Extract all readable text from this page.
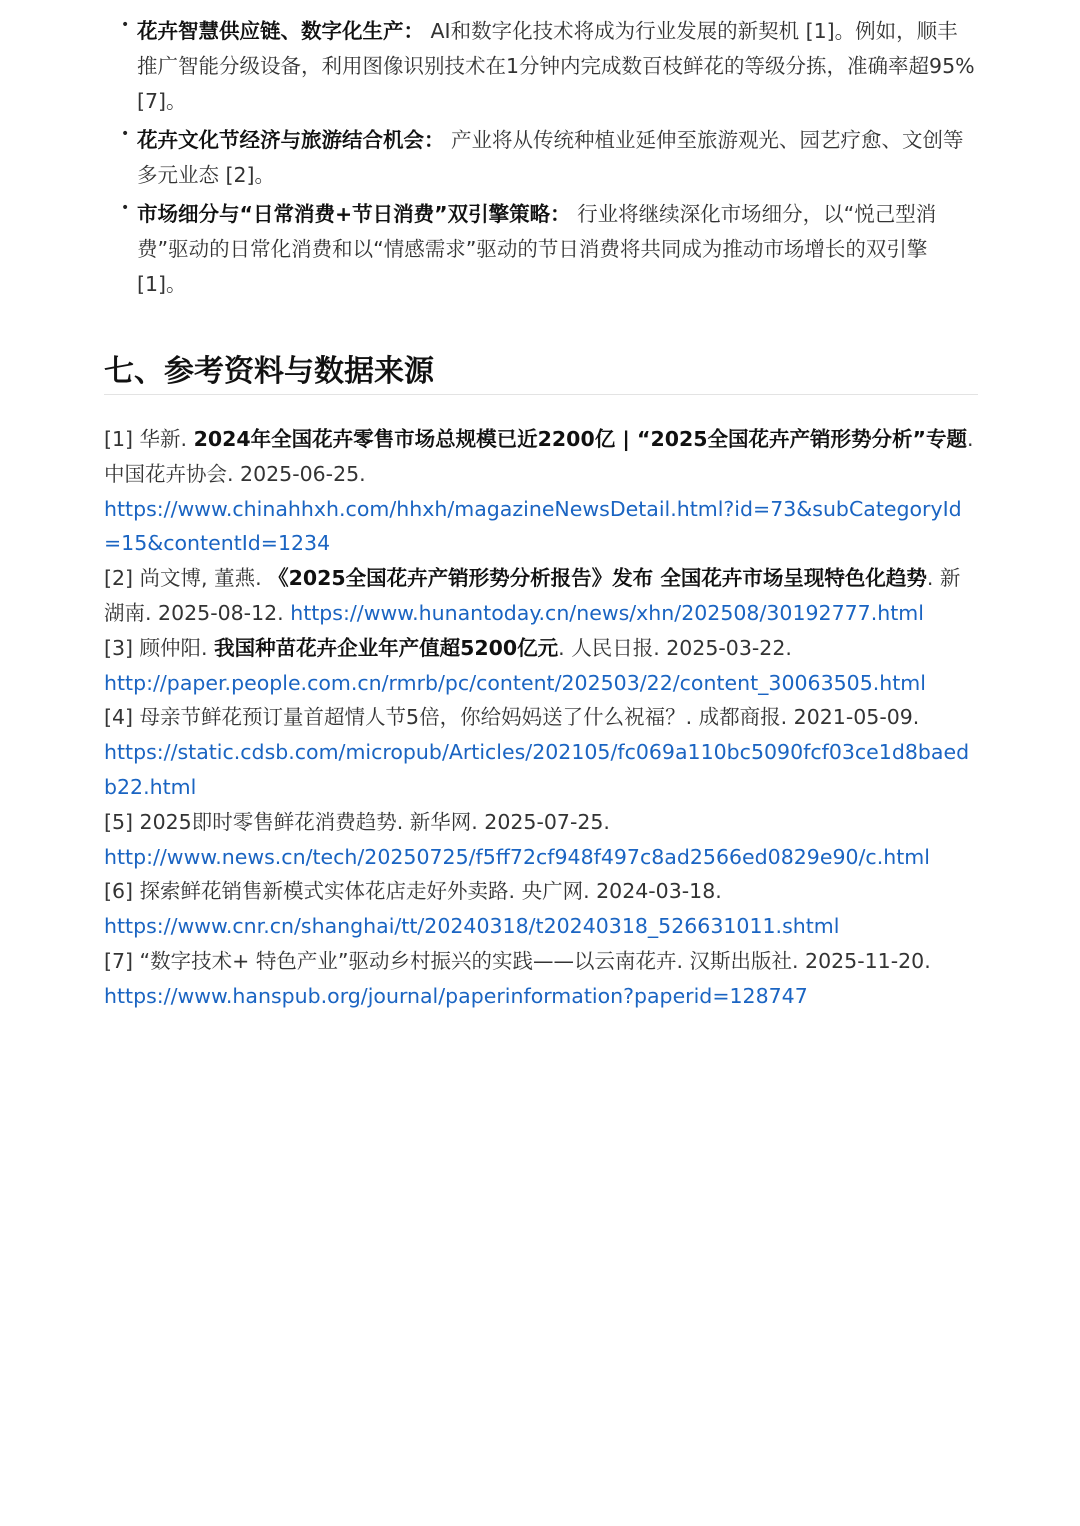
• 花卉智慧供应链、数字化生产： AI和数字化技术将成为行业发展的新契机 [1]。例如，顺丰推广智能分级设备，利用图像识别技术在1分钟内完成数百枝鲜花的等级分拣，准确率超95% [7]。
• 花卉文化节经济与旅游结合机会： 产业将从传统种植业延伸至旅游观光、园艺疗愈、文创等多元业态 [2]。
• 市场细分与“日常消费+节日消费”双引擎策略： 行业将继续深化市场细分，以“悦己型消费”驱动的日常化消费和以“情感需求”驱动的节日消费将共同成为推动市场增长的双引擎 [1]。
七、参考资料与数据来源

[1] 华新. 2024年全国花卉零售市场总规模已近2200亿 | “2025全国花卉产销形势分析”专题. 中国花卉协会. 2025-06-25.
https://www.chinahhxh.com/hhxh/magazineNewsDetail.html?id=73&subCategoryId=15&contentId=1234

[2] 尚文博, 董燕. 《2025全国花卉产销形势分析报告》发布 全国花卉市场呈现特色化趋势. 新湖南. 2025-08-12. https://www.hunantoday.cn/news/xhn/202508/30192777.html

[3] 顾仲阳. 我国种苗花卉企业年产值超5200亿元. 人民日报. 2025-03-22.
http://paper.people.com.cn/rmrb/pc/content/202503/22/content_30063505.html

[4] 母亲节鲜花预订量首超情人节5倍，你给妈妈送了什么祝福？. 成都商报. 2021-05-09.
https://static.cdsb.com/micropub/Articles/202105/fc069a110bc5090fcf03ce1d8baedb22.html

[5] 2025即时零售鲜花消费趋势. 新华网. 2025-07-25.
http://www.news.cn/tech/20250725/f5ff72cf948f497c8ad2566ed0829e90/c.html

[6] 探索鲜花销售新模式实体花店走好外卖路. 央广网. 2024-03-18.
https://www.cnr.cn/shanghai/tt/20240318/t20240318_526631011.shtml

[7] “数字技术+ 特色产业”驱动乡村振兴的实践——以云南花卉. 汉斯出版社. 2025-11-20.
https://www.hanspub.org/journal/paperinformation?paperid=128747
